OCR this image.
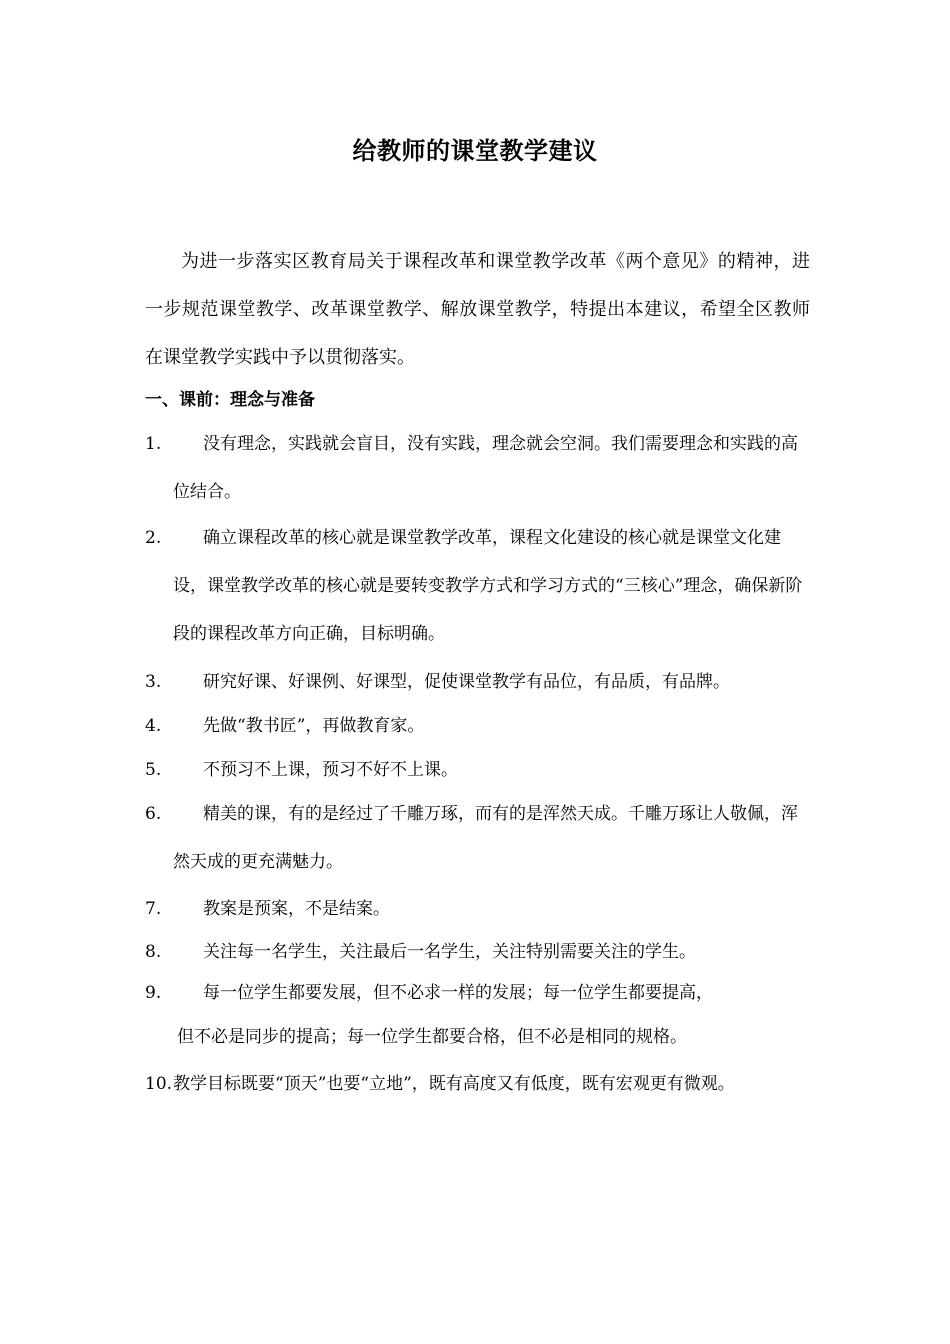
给教师的课堂教学建议
为进一步落实区教育局关于课程改革和课堂教学改革《两个意见》的精神，进一步规范课堂教学、改革课堂教学、解放课堂教学，特提出本建议，希望全区教师在课堂教学实践中予以贯彻落实。
一、课前：理念与准备
1.	没有理念，实践就会盲目，没有实践，理念就会空洞。我们需要理念和实践的高位结合。
2.	确立课程改革的核心就是课堂教学改革，课程文化建设的核心就是课堂文化建设，课堂教学改革的核心就是要转变教学方式和学习方式的“三核心”理念，确保新阶段的课程改革方向正确，目标明确。
3.	研究好课、好课例、好课型，促使课堂教学有品位，有品质，有品牌。
4.	先做“教书匠”，再做教育家。
5.	不预习不上课，预习不好不上课。
6.	精美的课，有的是经过了千雕万琢，而有的是浑然天成。千雕万琢让人敬佩，浑然天成的更充满魅力。
7.	教案是预案，不是结案。
8.	关注每一名学生，关注最后一名学生，关注特别需要关注的学生。
9.	每一位学生都要发展，但不必求一样的发展；每一位学生都要提高，
但不必是同步的提高；每一位学生都要合格，但不必是相同的规格。
10. 教学目标既要“顶天”也要“立地”，既有高度又有低度，既有宏观更有微观。
